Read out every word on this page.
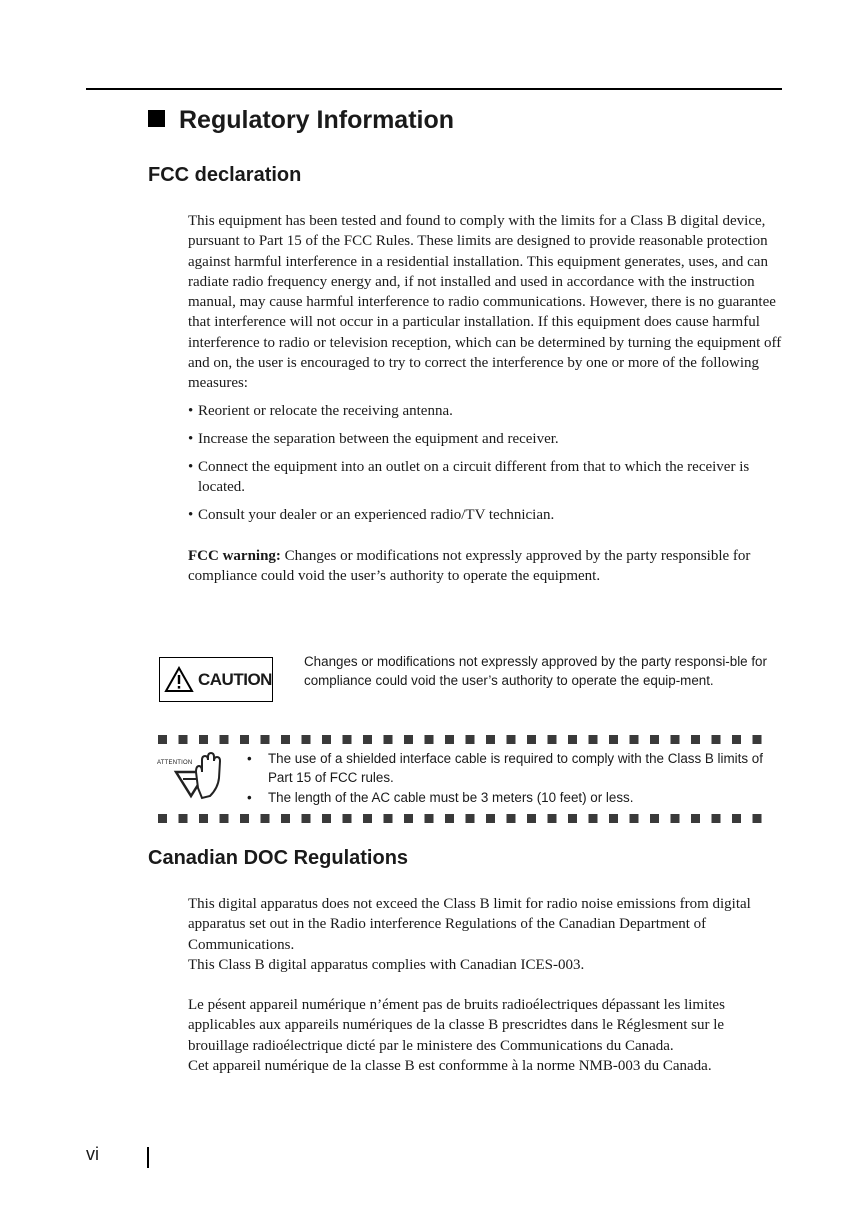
Regulatory Information
FCC declaration

This equipment has been tested and found to comply with the limits for a Class B digital device, pursuant to Part 15 of the FCC Rules. These limits are designed to provide reasonable protection against harmful interference in a residential installation. This equipment generates, uses, and can radiate radio frequency energy and, if not installed and used in accordance with the instruction manual, may cause harmful interference to radio communications. However, there is no guarantee that interference will not occur in a particular installation. If this equipment does cause harmful interference to radio or television reception, which can be determined by turning the equipment off and on, the user is encouraged to try to correct the interference by one or more of the following measures:

• Reorient or relocate the receiving antenna.
• Increase the separation between the equipment and receiver.
• Connect the equipment into an outlet on a circuit different from that to which the receiver is located.
• Consult your dealer or an experienced radio/TV technician.

FCC warning: Changes or modifications not expressly approved by the party responsible for compliance could void the user’s authority to operate the equipment.

CAUTION
Changes or modifications not expressly approved by the party responsi-ble for compliance could void the user’s authority to operate the equip-ment.
ATTENTION	•	The use of a shielded interface cable is required to comply with the Class B limits of Part 15 of FCC rules.
•	The length of the AC cable must be 3 meters (10 feet) or less.
Canadian DOC Regulations

This digital apparatus does not exceed the Class B limit for radio noise emissions from digital apparatus set out in the Radio interference Regulations of the Canadian Department of Communications.

This Class B digital apparatus complies with Canadian ICES-003.

Le pésent appareil numérique n’ément pas de bruits radioélectriques dépassant les limites applicables aux appareils numériques de la classe B prescridtes dans le Réglesment sur le brouillage radioélectrique dicté par le ministere des Communications du Canada.

Cet appareil numérique de la classe B est conformme à la norme NMB-003 du Canada.

vi
